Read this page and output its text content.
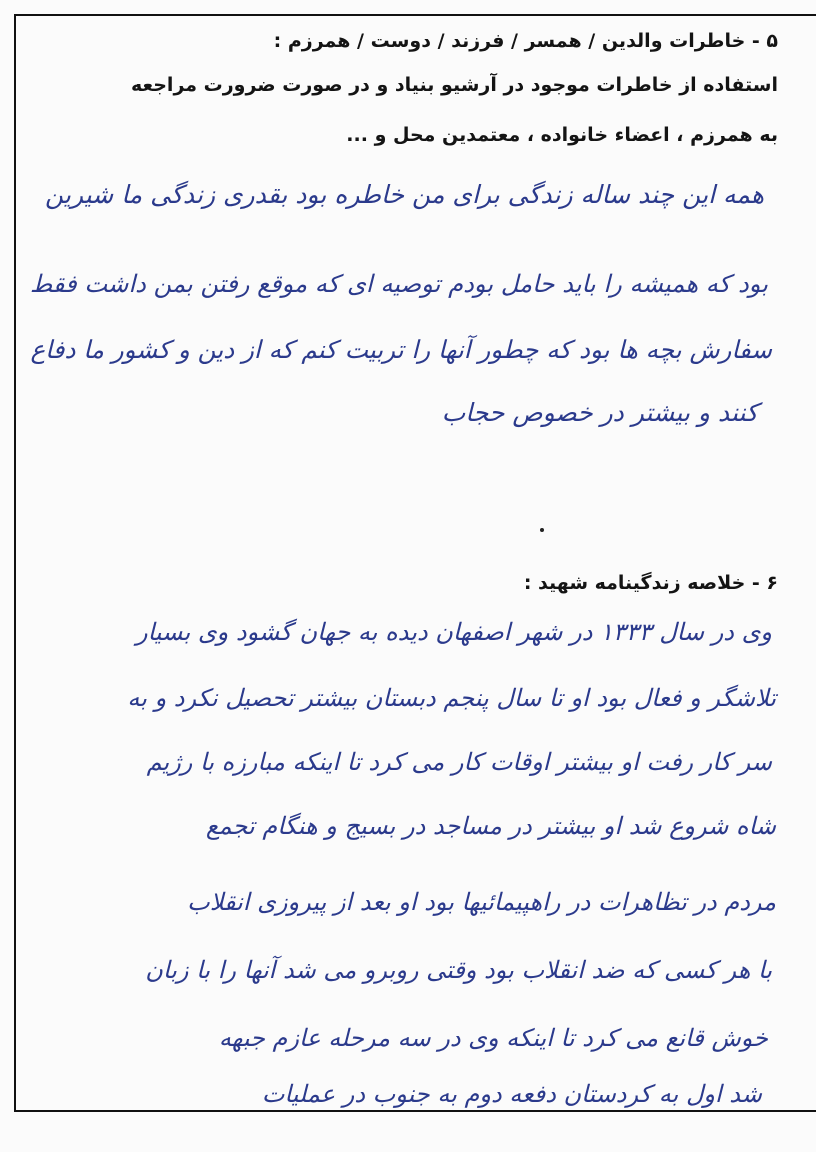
۵ - خاطرات والدین / همسر / فرزند / دوست / همرزم :
استفاده از خاطرات موجود در آرشیو بنیاد و در صورت ضرورت مراجعه
به همرزم ، اعضاء خانواده ، معتمدین محل و ...
همه این چند ساله زندگی برای من خاطره بود بقدری زندگی ما شیرین
بود که همیشه را باید حامل بودم توصیه ای که موقع رفتن بمن داشت فقط
سفارش بچه ها بود که چطور آنها را تربیت کنم که از دین و کشور ما دفاع
کنند و بیشتر در خصوص حجاب
۶ - خلاصه زندگینامه شهید :
وی در سال ۱۳۳۳ در شهر اصفهان دیده به جهان گشود وی بسیار
تلاشگر و فعال بود او تا سال پنجم دبستان بیشتر تحصیل نکرد و به
سر کار رفت او بیشتر اوقات کار می کرد تا اینکه مبارزه با رژیم
شاه شروع شد او بیشتر در مساجد در بسیج و هنگام تجمع
مردم در تظاهرات در راهپیمائیها بود او بعد از پیروزی انقلاب
با هر کسی که ضد انقلاب بود وقتی روبرو می شد آنها را با زبان
خوش قانع می کرد تا اینکه وی در سه مرحله عازم جبهه
شد اول به کردستان دفعه دوم به جنوب در عملیات
